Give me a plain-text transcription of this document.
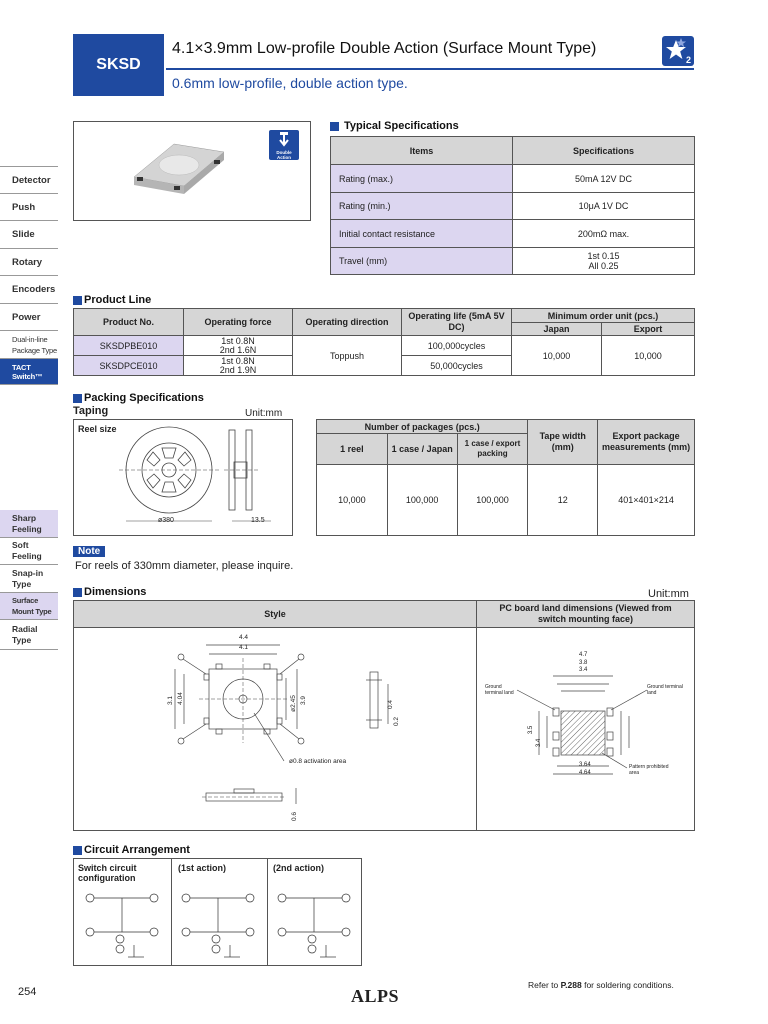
SKSD
4.1×3.9mm Low-profile Double Action (Surface Mount Type)
0.6mm low-profile, double action type.
2
Detector
Push
Slide
Rotary
Encoders
Power
Dual-in-line Package Type
TACT Switch™
Sharp Feeling
Soft Feeling
Snap-in Type
Surface Mount Type
Radial Type
Double Action
Typical Specifications
Items	Specifications
Rating (max.)	50mA 12V DC
Rating (min.)	10μA 1V DC
Initial contact resistance	200mΩ max.
Travel (mm)	1st 0.15
All 0.25
Product Line
Product No.	Operating force	Operating direction	Operating life (5mA 5V DC)	Minimum order unit (pcs.)	
				Japan	Export
SKSDPBE010	1st 0.8N
2nd 1.6N	Toppush	100,000cycles	10,000	10,000
SKSDPCE010	1st 0.8N
2nd 1.9N		50,000cycles		
Packing Specifications
Taping	Unit:mm
Reel size
ø380	13.5
Number of packages (pcs.)			Tape width (mm)	Export package measurements (mm)
1 reel	1 case / Japan	1 case / export packing		
10,000	100,000	100,000	12	401×401×214
Note
For reels of 330mm diameter, please inquire.
Dimensions	Unit:mm
Style
PC board land dimensions (Viewed from switch mounting face)
4.4
4.1
3.1 4.04	ø2.45 3.9
ø0.8 activation area
0.4
0.2
0.6
4.7
3.8
3.4
3.5
3.4
3.64
4.64
Ground terminal land
Ground terminal land
Pattern prohibited area
Circuit Arrangement
Switch circuit configuration
(1st action)	(2nd action)
254	ALPS
Refer to P.288 for soldering conditions.
